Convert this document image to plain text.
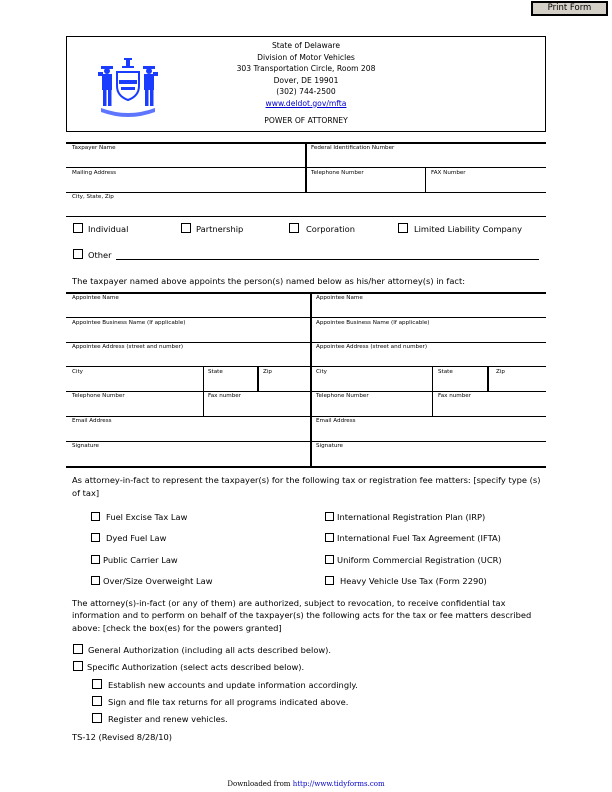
Print Form
State of Delaware
Division of Motor Vehicles
303 Transportation Circle, Room 208
Dover, DE 19901
(302) 744-2500
www.deldot.gov/mfta
POWER OF ATTORNEY
Taxpayer Name	Federal Identification Number
Mailing Address	Telephone Number	FAX Number
City, State, Zip
Individual	Partnership	Corporation	Limited Liability Company
Other
The taxpayer named above appoints the person(s) named below as his/her attorney(s) in fact:
Appointee Name	Appointee Name
Appointee Business Name (If applicable)	Appointee Business Name (If applicable)
Appointee Address (street and number)	Appointee Address (street and number)
City	State	Zip	City	State	Zip
Telephone Number	Fax number	Telephone Number	Fax number
Email Address	Email Address
Signature	Signature
As attorney-in-fact to represent the taxpayer(s) for the following tax or registration fee matters: [specify type (s) of tax]
Fuel Excise Tax Law
Dyed Fuel Law
Public Carrier Law
Over/Size Overweight Law
International Registration Plan (IRP)
International Fuel Tax Agreement (IFTA)
Uniform Commercial Registration (UCR)
Heavy Vehicle Use Tax (Form 2290)
The attorney(s)-in-fact (or any of them) are authorized, subject to revocation, to receive confidential tax information and to perform on behalf of the taxpayer(s) the following acts for the tax or fee matters described above: [check the box(es) for the powers granted]
General Authorization (including all acts described below).
Specific Authorization (select acts described below).
Establish new accounts and update information accordingly.
Sign and file tax returns for all programs indicated above.
Register and renew vehicles.
TS-12 (Revised 8/28/10)
Downloaded from http://www.tidyforms.com
